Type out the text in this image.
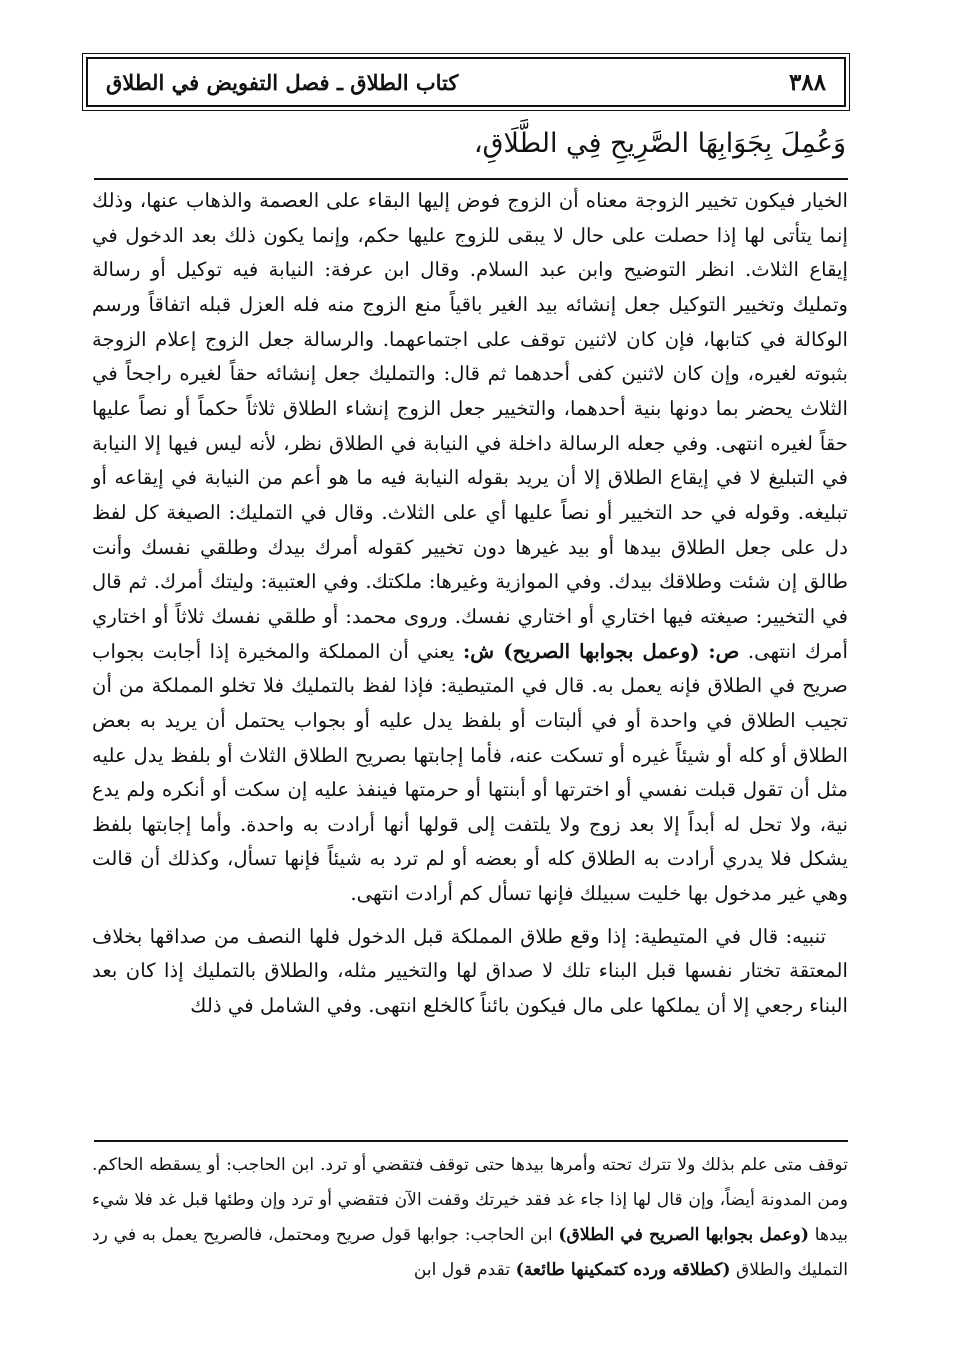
٣٨٨
كتاب الطلاق ـ فصل التفويض في الطلاق
وَعُمِلَ بِجَوَابِهَا الصَّرِيحِ فِي الطَّلَاقِ،

الخيار فيكون تخيير الزوجة معناه أن الزوج فوض إليها البقاء على العصمة والذهاب عنها، وذلك إنما يتأتى لها إذا حصلت على حال لا يبقى للزوج عليها حكم، وإنما يكون ذلك بعد الدخول في إيقاع الثلاث. انظر التوضيح وابن عبد السلام. وقال ابن عرفة: النيابة فيه توكيل أو رسالة وتمليك وتخيير التوكيل جعل إنشائه بيد الغير باقياً منع الزوج منه فله العزل قبله اتفاقاً ورسم الوكالة في كتابها، فإن كان لاثنين توقف على اجتماعهما. والرسالة جعل الزوج إعلام الزوجة بثبوته لغيره، وإن كان لاثنين كفى أحدهما ثم قال: والتمليك جعل إنشائه حقاً لغيره راجحاً في الثلاث يحضر بما دونها بنية أحدهما، والتخيير جعل الزوج إنشاء الطلاق ثلاثاً حكماً أو نصاً عليها حقاً لغيره انتهى. وفي جعله الرسالة داخلة في النيابة في الطلاق نظر، لأنه ليس فيها إلا النيابة في التبليغ لا في إيقاع الطلاق إلا أن يريد بقوله النيابة فيه ما هو أعم من النيابة في إيقاعه أو تبليغه. وقوله في حد التخيير أو نصاً عليها أي على الثلاث. وقال في التمليك: الصيغة كل لفظ دل على جعل الطلاق بيدها أو بيد غيرها دون تخيير كقوله أمرك بيدك وطلقي نفسك وأنت طالق إن شئت وطلاقك بيدك. وفي الموازية وغيرها: ملكتك. وفي العتبية: وليتك أمرك. ثم قال في التخيير: صيغته فيها اختاري أو اختاري نفسك. وروى محمد: أو طلقي نفسك ثلاثاً أو اختاري أمرك انتهى. ص: (وعمل بجوابها الصريح) ش: يعني أن المملكة والمخيرة إذا أجابت بجواب صريح في الطلاق فإنه يعمل به. قال في المتيطية: فإذا لفظ بالتمليك فلا تخلو المملكة من أن تجيب الطلاق في واحدة أو في ألبتات أو بلفظ يدل عليه أو بجواب يحتمل أن يريد به بعض الطلاق أو كله أو شيئاً غيره أو تسكت عنه، فأما إجابتها بصريح الطلاق الثلاث أو بلفظ يدل عليه مثل أن تقول قبلت نفسي أو اخترتها أو أبنتها أو حرمتها فينفذ عليه إن سكت أو أنكره ولم يدع نية، ولا تحل له أبداً إلا بعد زوج ولا يلتفت إلى قولها أنها أرادت به واحدة. وأما إجابتها بلفظ يشكل فلا يدري أرادت به الطلاق كله أو بعضه أو لم ترد به شيئاً فإنها تسأل، وكذلك أن قالت وهي غير مدخول بها خليت سبيلك فإنها تسأل كم أرادت انتهى.

تنبيه: قال في المتيطية: إذا وقع طلاق المملكة قبل الدخول فلها النصف من صداقها بخلاف المعتقة تختار نفسها قبل البناء تلك لا صداق لها والتخيير مثله، والطلاق بالتمليك إذا كان بعد البناء رجعي إلا أن يملكها على مال فيكون بائناً كالخلع انتهى. وفي الشامل في ذلك

توقف متى علم بذلك ولا تترك تحته وأمرها بيدها حتى توقف فتقضي أو ترد. ابن الحاجب: أو يسقطه الحاكم. ومن المدونة أيضاً، وإن قال لها إذا جاء غد فقد خيرتك وقفت الآن فتقضي أو ترد وإن وطئها قبل غد فلا شيء بيدها (وعمل بجوابها الصريح في الطلاق) ابن الحاجب: جوابها قول صريح ومحتمل، فالصريح يعمل به في رد التمليك والطلاق (كطلاقه ورده كتمكينها طائعة) تقدم قول ابن
